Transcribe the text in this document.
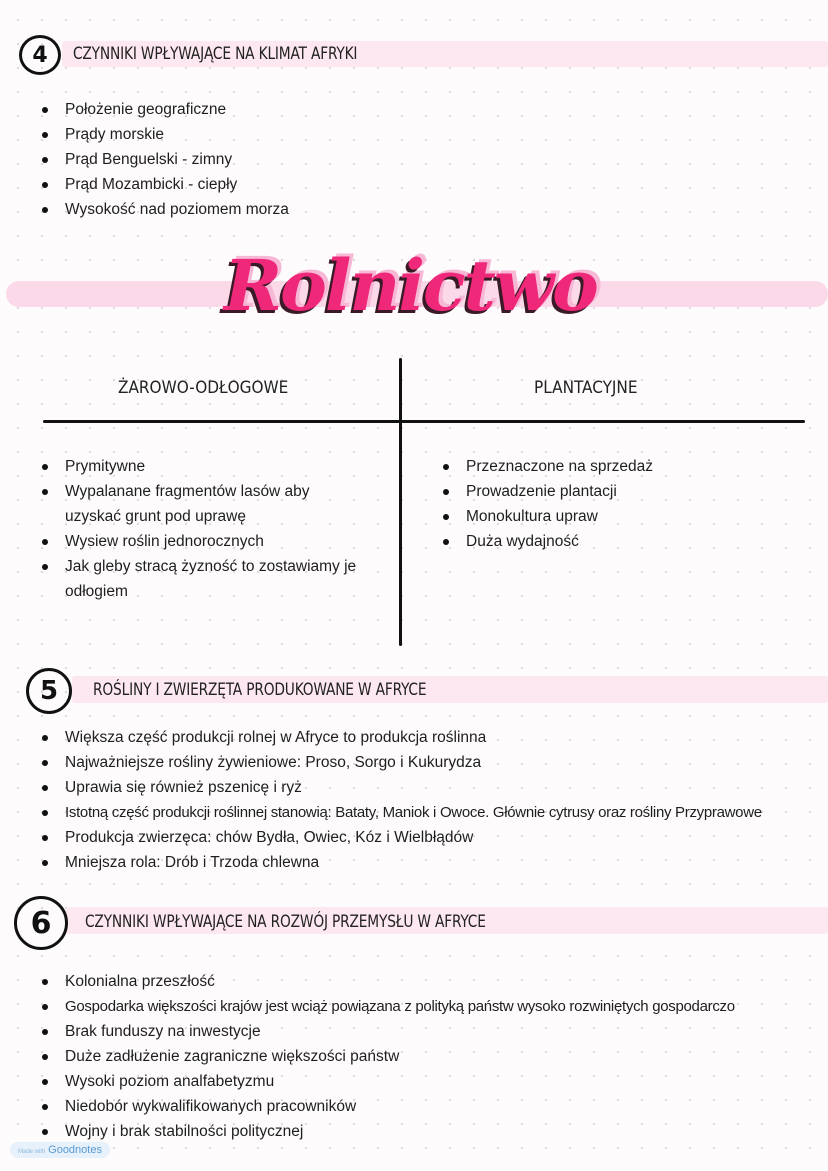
4 CZYNNIKI WPŁYWAJĄCE NA KLIMAT AFRYKI
Położenie geograficzne
Prądy morskie
Prąd Benguelski - zimny
Prąd Mozambicki - ciepły
Wysokość nad poziomem morza
Rolnictwo
ŻAROWO-ODŁOGOWE	PLANTACYJNE
Prymitywne
Wypalanane fragmentów lasów aby uzyskać grunt pod uprawę
Wysiew roślin jednorocznych
Jak gleby stracą żyzność to zostawiamy je odłogiem
Przeznaczone na sprzedaż
Prowadzenie plantacji
Monokultura upraw
Duża wydajność
5 ROŚLINY I ZWIERZĘTA PRODUKOWANE W AFRYCE
Większa część produkcji rolnej w Afryce to produkcja roślinna
Najważniejsze rośliny żywieniowe: Proso, Sorgo i Kukurydza
Uprawia się również pszenicę i ryż
Istotną część produkcji roślinnej stanowią: Bataty, Maniok i Owoce. Głównie cytrusy oraz rośliny Przyprawowe
Produkcja zwierzęca: chów Bydła, Owiec, Kóz i Wielbłądów
Mniejsza rola: Drób i Trzoda chlewna
6 CZYNNIKI WPŁYWAJĄCE NA ROZWÓJ PRZEMYSŁU W AFRYCE
Kolonialna przeszłość
Gospodarka większości krajów jest wciąż powiązana z polityką państw wysoko rozwiniętych gospodarczo
Brak funduszy na inwestycje
Duże zadłużenie zagraniczne większości państw
Wysoki poziom analfabetyzmu
Niedobór wykwalifikowanych pracowników
Wojny i brak stabilności politycznej
Made with Goodnotes
